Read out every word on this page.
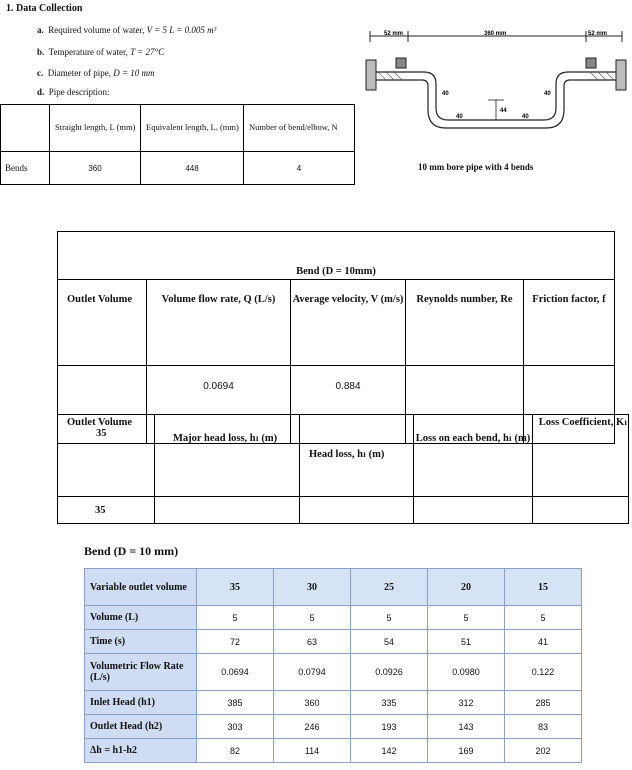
1. Data Collection
a. Required volume of water, V = 5 L = 0.005 m³
b. Temperature of water, T = 27°C
c. Diameter of pipe, D = 10 mm
d. Pipe description:

	Straight length, L (mm)	Equivalent length, Lₑ (mm)	Number of bend/elbow, N

Bends	360	448	4
52 mm	360 mm	52 mm
40
40
44
40
40
10 mm bore pipe with 4 bends
Bend (D = 10mm)				
Outlet Volume	Volume flow rate, Q (L/s)	Average velocity, V (m/s)	Reynolds number, Re	Friction factor, f
35	0.0694	0.884		
Outlet Volume	Major head loss, hₗ (m)	Head loss, hₗ (m)	Loss on each bend, hₗ (m)	Loss Coefficient, Kₗ
35				
Bend (D = 10 mm)
Variable outlet volume	35	30	25	20	15
Volume (L)	5	5	5	5	5
Time (s)	72	63	54	51	41
Volumetric Flow Rate (L/s)	0.0694	0.0794	0.0926	0.0980	0.122
Inlet Head (h1)	385	360	335	312	285
Outlet Head (h2)	303	246	193	143	83
Δh = h1-h2	82	114	142	169	202
